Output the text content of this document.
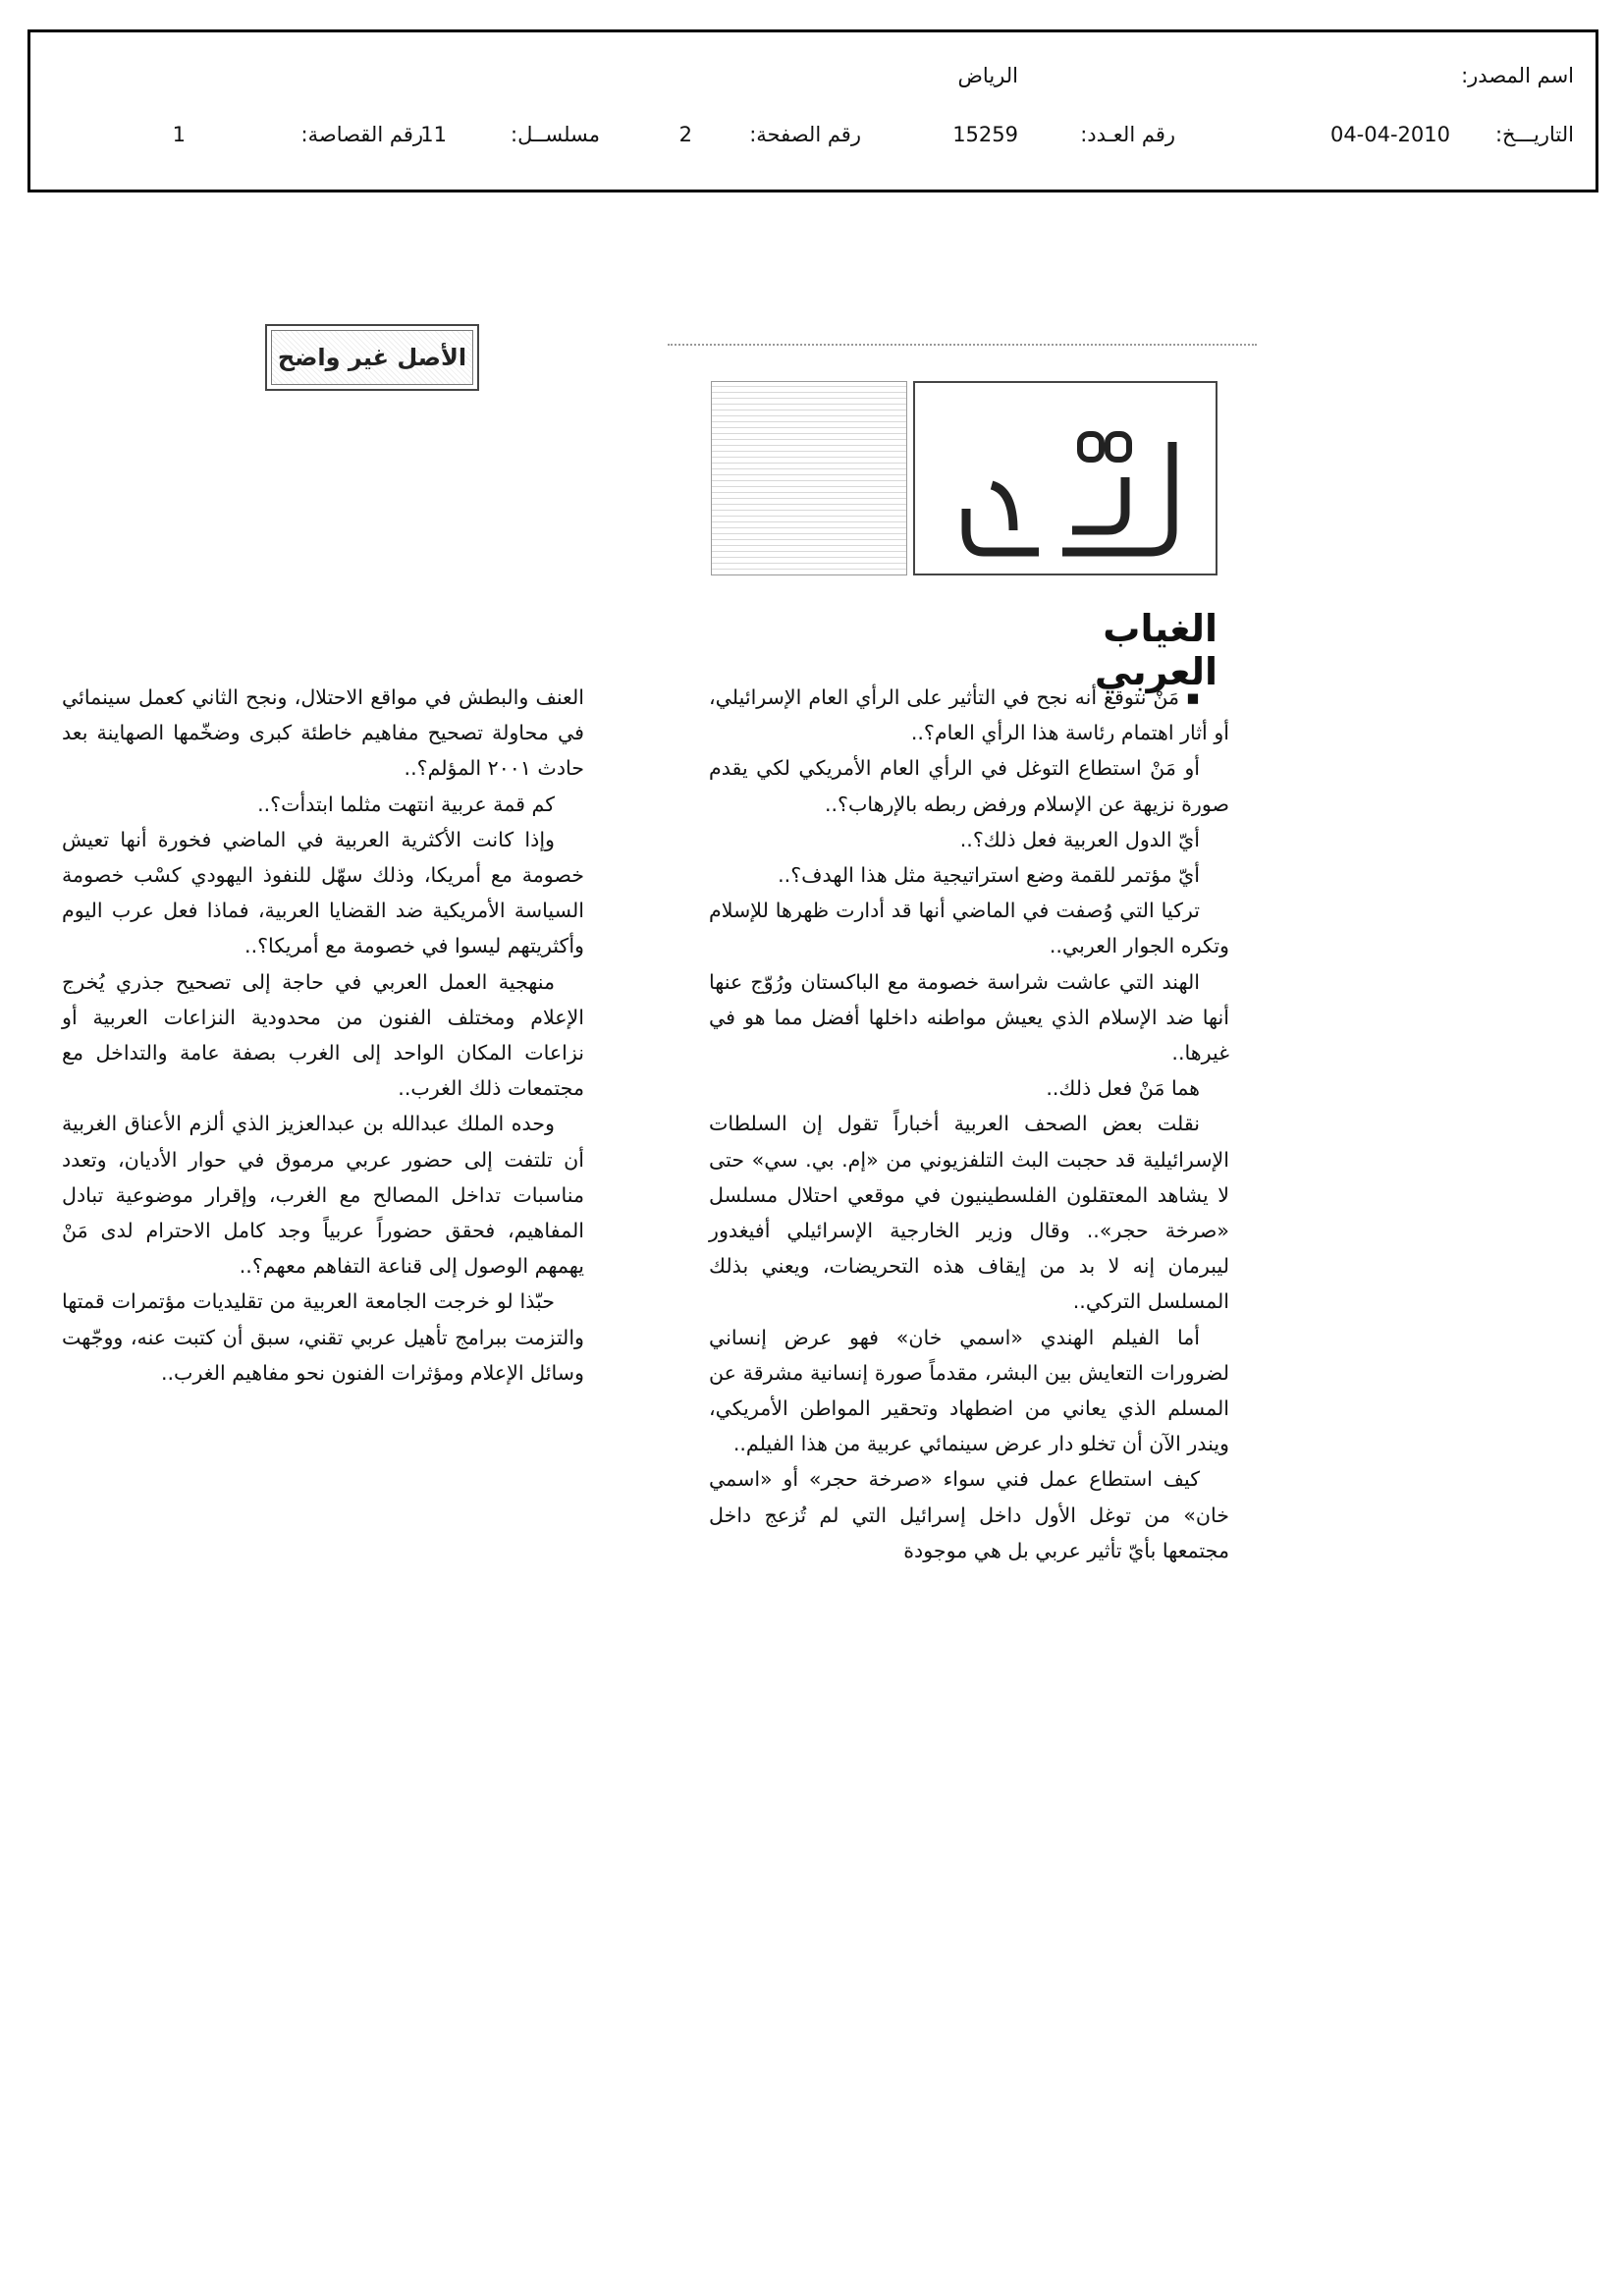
اسم المصدر:
الرياض
التاريـــخ:
04-04-2010
رقم العـدد:
15259
رقم الصفحة:
2
مسلســل:
11
رقم القصاصة:
1
الأصل غير واضح
الغياب العربي

▪ مَنْ نتوقع أنه نجح في التأثير على الرأي العام الإسرائيلي، أو أثار اهتمام رئاسة هذا الرأي العام؟..

أو مَنْ استطاع التوغل في الرأي العام الأمريكي لكي يقدم صورة نزيهة عن الإسلام ورفض ربطه بالإرهاب؟..

أيّ الدول العربية فعل ذلك؟..

أيّ مؤتمر للقمة وضع استراتيجية مثل هذا الهدف؟..

تركيا التي وُصفت في الماضي أنها قد أدارت ظهرها للإسلام وتكره الجوار العربي..

الهند التي عاشت شراسة خصومة مع الباكستان ورُوّج عنها أنها ضد الإسلام الذي يعيش مواطنه داخلها أفضل مما هو في غيرها..

هما مَنْ فعل ذلك..

نقلت بعض الصحف العربية أخباراً تقول إن السلطات الإسرائيلية قد حجبت البث التلفزيوني من «إم. بي. سي» حتى لا يشاهد المعتقلون الفلسطينيون في موقعي احتلال مسلسل «صرخة حجر».. وقال وزير الخارجية الإسرائيلي أفيغدور ليبرمان إنه لا بد من إيقاف هذه التحريضات، ويعني بذلك المسلسل التركي..

أما الفيلم الهندي «اسمي خان» فهو عرض إنساني لضرورات التعايش بين البشر، مقدماً صورة إنسانية مشرقة عن المسلم الذي يعاني من اضطهاد وتحقير المواطن الأمريكي، ويندر الآن أن تخلو دار عرض سينمائي عربية من هذا الفيلم..

كيف استطاع عمل فني سواء «صرخة حجر» أو «اسمي خان» من توغل الأول داخل إسرائيل التي لم تُزعج داخل مجتمعها بأيّ تأثير عربي بل هي موجودة

العنف والبطش في مواقع الاحتلال، ونجح الثاني كعمل سينمائي في محاولة تصحيح مفاهيم خاطئة كبرى وضخّمها الصهاينة بعد حادث ٢٠٠١ المؤلم؟..

كم قمة عربية انتهت مثلما ابتدأت؟..

وإذا كانت الأكثرية العربية في الماضي فخورة أنها تعيش خصومة مع أمريكا، وذلك سهّل للنفوذ اليهودي كسْب خصومة السياسة الأمريكية ضد القضايا العربية، فماذا فعل عرب اليوم وأكثريتهم ليسوا في خصومة مع أمريكا؟..

منهجية العمل العربي في حاجة إلى تصحيح جذري يُخرج الإعلام ومختلف الفنون من محدودية النزاعات العربية أو نزاعات المكان الواحد إلى الغرب بصفة عامة والتداخل مع مجتمعات ذلك الغرب..

وحده الملك عبدالله بن عبدالعزيز الذي ألزم الأعناق الغربية أن تلتفت إلى حضور عربي مرموق في حوار الأديان، وتعدد مناسبات تداخل المصالح مع الغرب، وإقرار موضوعية تبادل المفاهيم، فحقق حضوراً عربياً وجد كامل الاحترام لدى مَنْ يهمهم الوصول إلى قناعة التفاهم معهم؟..

حبّذا لو خرجت الجامعة العربية من تقليديات مؤتمرات قمتها والتزمت ببرامج تأهيل عربي تقني، سبق أن كتبت عنه، ووجّهت وسائل الإعلام ومؤثرات الفنون نحو مفاهيم الغرب..
